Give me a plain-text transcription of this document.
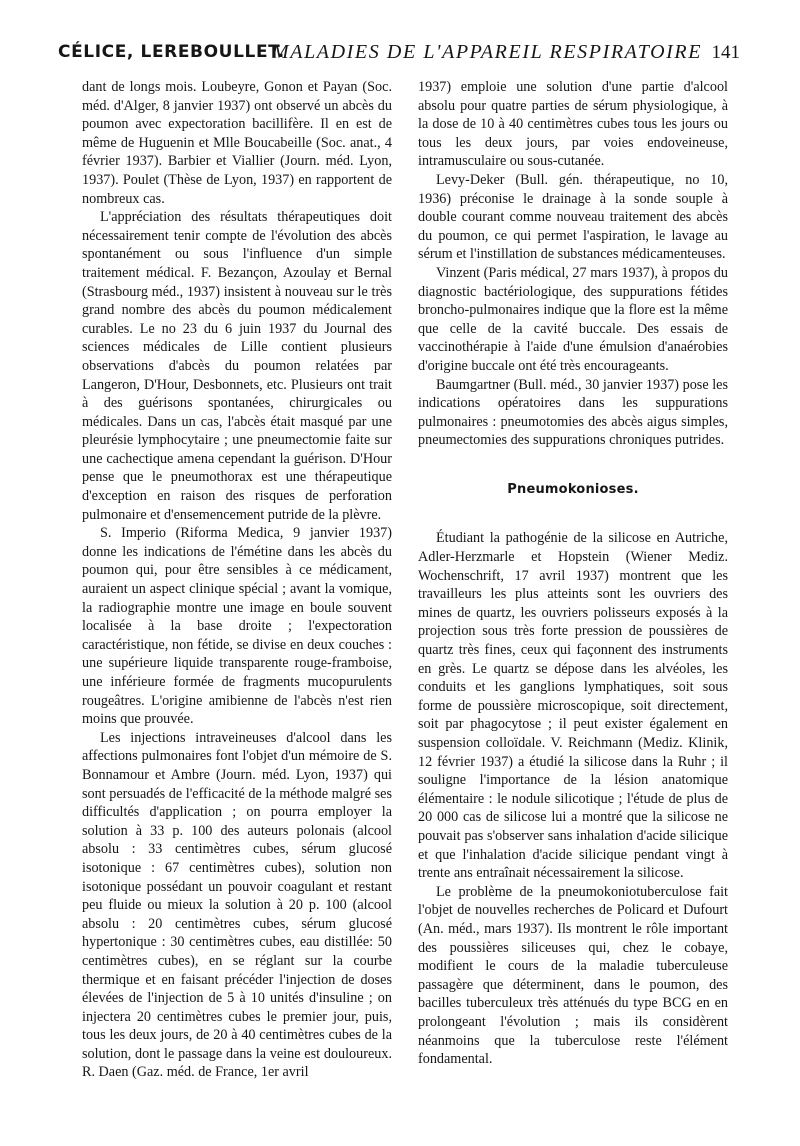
CÉLICE, LEREBOULLET.
MALADIES DE L'APPAREIL RESPIRATOIRE 141

dant de longs mois. Loubeyre, Gonon et Payan (Soc. méd. d'Alger, 8 janvier 1937) ont observé un abcès du poumon avec expectoration bacillifère. Il en est de même de Huguenin et Mlle Boucabeille (Soc. anat., 4 février 1937). Barbier et Viallier (Journ. méd. Lyon, 1937). Poulet (Thèse de Lyon, 1937) en rapportent de nombreux cas.

L'appréciation des résultats thérapeutiques doit nécessairement tenir compte de l'évolution des abcès spontanément ou sous l'influence d'un simple traitement médical. F. Bezançon, Azoulay et Bernal (Strasbourg méd., 1937) insistent à nouveau sur le très grand nombre des abcès du poumon médicalement curables. Le no 23 du 6 juin 1937 du Journal des sciences médicales de Lille contient plusieurs observations d'abcès du poumon relatées par Langeron, D'Hour, Desbonnets, etc. Plusieurs ont trait à des guérisons spontanées, chirurgicales ou médicales. Dans un cas, l'abcès était masqué par une pleurésie lymphocytaire ; une pneumectomie faite sur une cachectique amena cependant la guérison. D'Hour pense que le pneumothorax est une thérapeutique d'exception en raison des risques de perforation pulmonaire et d'ensemencement putride de la plèvre.

S. Imperio (Riforma Medica, 9 janvier 1937) donne les indications de l'émétine dans les abcès du poumon qui, pour être sensibles à ce médicament, auraient un aspect clinique spécial ; avant la vomique, la radiographie montre une image en boule souvent localisée à la base droite ; l'expectoration caractéristique, non fétide, se divise en deux couches : une supérieure liquide transparente rouge-framboise, une inférieure formée de fragments mucopurulents rougeâtres. L'origine amibienne de l'abcès n'est rien moins que prouvée.

Les injections intraveineuses d'alcool dans les affections pulmonaires font l'objet d'un mémoire de S. Bonnamour et Ambre (Journ. méd. Lyon, 1937) qui sont persuadés de l'efficacité de la méthode malgré ses difficultés d'application ; on pourra employer la solution à 33 p. 100 des auteurs polonais (alcool absolu : 33 centimètres cubes, sérum glucosé isotonique : 67 centimètres cubes), solution non isotonique possédant un pouvoir coagulant et restant peu fluide ou mieux la solution à 20 p. 100 (alcool absolu : 20 centimètres cubes, sérum glucosé hypertonique : 30 centimètres cubes, eau distillée: 50 centimètres cubes), en se réglant sur la courbe thermique et en faisant précéder l'injection de doses élevées de l'injection de 5 à 10 unités d'insuline ; on injectera 20 centimètres cubes le premier jour, puis, tous les deux jours, de 20 à 40 centimètres cubes de la solution, dont le passage dans la veine est douloureux. R. Daen (Gaz. méd. de France, 1er avril

1937) emploie une solution d'une partie d'alcool absolu pour quatre parties de sérum physiologique, à la dose de 10 à 40 centimètres cubes tous les jours ou tous les deux jours, par voies endoveineuse, intramusculaire ou sous-cutanée.

Levy-Deker (Bull. gén. thérapeutique, no 10, 1936) préconise le drainage à la sonde souple à double courant comme nouveau traitement des abcès du poumon, ce qui permet l'aspiration, le lavage au sérum et l'instillation de substances médicamenteuses.

Vinzent (Paris médical, 27 mars 1937), à propos du diagnostic bactériologique, des suppurations fétides broncho-pulmonaires indique que la flore est la même que celle de la cavité buccale. Des essais de vaccinothérapie à l'aide d'une émulsion d'anaérobies d'origine buccale ont été très encourageants.

Baumgartner (Bull. méd., 30 janvier 1937) pose les indications opératoires dans les suppurations pulmonaires : pneumotomies des abcès aigus simples, pneumectomies des suppurations chroniques putrides.

Pneumokonioses.

Étudiant la pathogénie de la silicose en Autriche, Adler-Herzmarle et Hopstein (Wiener Mediz. Wochenschrift, 17 avril 1937) montrent que les travailleurs les plus atteints sont les ouvriers des mines de quartz, les ouvriers polisseurs exposés à la projection sous très forte pression de poussières de quartz très fines, ceux qui façonnent des instruments en grès. Le quartz se dépose dans les alvéoles, les conduits et les ganglions lymphatiques, soit sous forme de poussière microscopique, soit directement, soit par phagocytose ; il peut exister également en suspension colloïdale. V. Reichmann (Mediz. Klinik, 12 février 1937) a étudié la silicose dans la Ruhr ; il souligne l'importance de la lésion anatomique élémentaire : le nodule silicotique ; l'étude de plus de 20 000 cas de silicose lui a montré que la silicose ne pouvait pas s'observer sans inhalation d'acide silicique et que l'inhalation d'acide silicique pendant vingt à trente ans entraînait nécessairement la silicose.

Le problème de la pneumokoniotuberculose fait l'objet de nouvelles recherches de Policard et Dufourt (An. méd., mars 1937). Ils montrent le rôle important des poussières siliceuses qui, chez le cobaye, modifient le cours de la maladie tuberculeuse passagère que déterminent, dans le poumon, des bacilles tuberculeux très atténués du type BCG en en prolongeant l'évolution ; mais ils considèrent néanmoins que la tuberculose reste l'élément fondamental.
